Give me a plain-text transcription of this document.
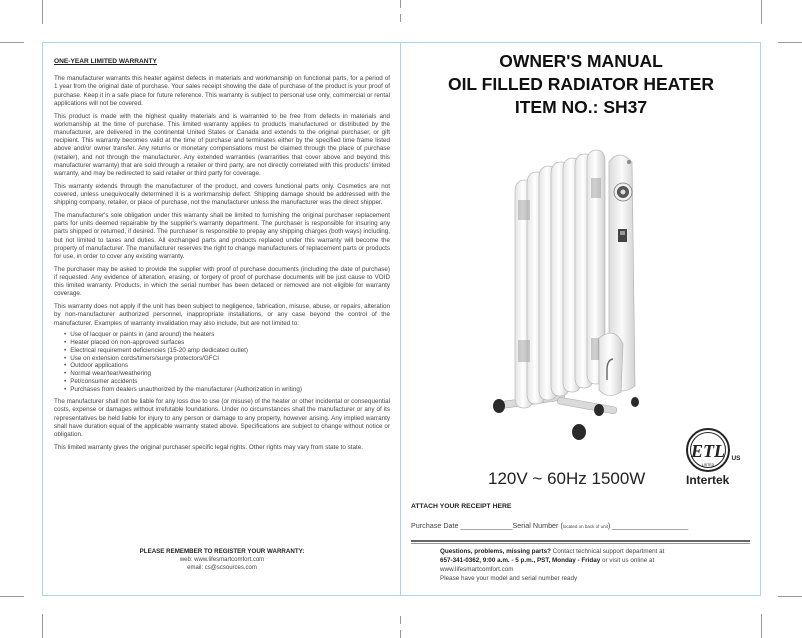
ONE-YEAR LIMITED WARRANTY

The manufacturer warrants this heater against defects in materials and workmanship on functional parts, for a period of 1 year from the original date of purchase. Your sales receipt showing the date of purchase of the product is your proof of purchase. Keep it in a safe place for future reference. This warranty is subject to personal use only, commercial or rental applications will not be covered.

This product is made with the highest quality materials and is warranted to be free from defects in materials and workmanship at the time of purchase. This limited warranty applies to products manufactured or distributed by the manufacturer, are delivered in the continental United States or Canada and extends to the original purchaser, or gift recipient. This warranty becomes valid at the time of purchase and terminates either by the specified time frame listed above and/or owner transfer. Any returns or monetary compensations must be claimed through the place of purchase (retailer), and not through the manufacturer. Any extended warranties (warranties that cover above and beyond this manufacturer warranty) that are sold through a retailer or third party, are not directly correlated with this products' limited warranty, and may be redirected to said retailer or third party for coverage.

This warranty extends through the manufacturer of the product, and covers functional parts only. Cosmetics are not covered, unless unequivocally determined it is a workmanship defect. Shipping damage should be addressed with the shipping company, retailer, or place of purchase, not the manufacturer unless the manufacturer was the direct shipper.

The manufacturer's sole obligation under this warranty shall be limited to furnishing the original purchaser replacement parts for units deemed repairable by the supplier's warranty department. The purchaser is responsible for insuring any parts shipped or returned, if desired. The purchaser is responsible to prepay any shipping charges (both ways) including, but not limited to taxes and duties. All exchanged parts and products replaced under this warranty will become the property of manufacturer. The manufacturer reserves the right to change manufacturers of replacement parts or products for use, in order to cover any existing warranty.

The purchaser may be asked to provide the supplier with proof of purchase documents (including the date of purchase) if requested. Any evidence of alteration, erasing, or forgery of proof of purchase documents will be just cause to VOID this limited warranty. Products, in which the serial number has been defaced or removed are not eligible for warranty coverage.

This warranty does not apply if the unit has been subject to negligence, fabrication, misuse, abuse, or repairs, alteration by non-manufacturer authorized personnel, inappropriate installations, or any case beyond the control of the manufacturer. Examples of warranty invalidation may also include, but are not limited to:

• Use of lacquer or paints in (and around) the heaters
• Heater placed on non-approved surfaces
• Electrical requirement deficiencies (15-20 amp dedicated outlet)
• Use on extension cords/timers/surge protectors/GFCI
• Outdoor applications
• Normal wear/tear/weathering
• Pet/consumer accidents
• Purchases from dealers unauthorized by the manufacturer (Authorization in writing)

The manufacturer shall not be liable for any loss due to use (or misuse) of the heater or other incidental or consequential costs, expense or damages without irrefutable foundations. Under no circumstances shall the manufacturer or any of its representatives be held liable for injury to any person or damage to any property, however arising. Any implied warranty shall have duration equal of the applicable warranty stated above. Specifications are subject to change without notice or obligation.

This limited warranty gives the original purchaser specific legal rights. Other rights may vary from state to state.

PLEASE REMEMBER TO REGISTER YOUR WARRANTY:
web: www.lifesmartcomfort.com
email: cs@scsources.com
OWNER'S MANUAL
OIL FILLED RADIATOR HEATER
ITEM NO.: SH37
120V ~ 60Hz 1500W
ETL
LISTED
US
Intertek
ATTACH YOUR RECEIPT HERE
Purchase Date _____________Serial Number (located on back of unit) ___________________
Questions, problems, missing parts? Contact technical support department at
657-341-0362, 9:00 a.m. - 5 p.m., PST, Monday - Friday or visit us online at
www.lifesmartcomfort.com
Please have your model and serial number ready
